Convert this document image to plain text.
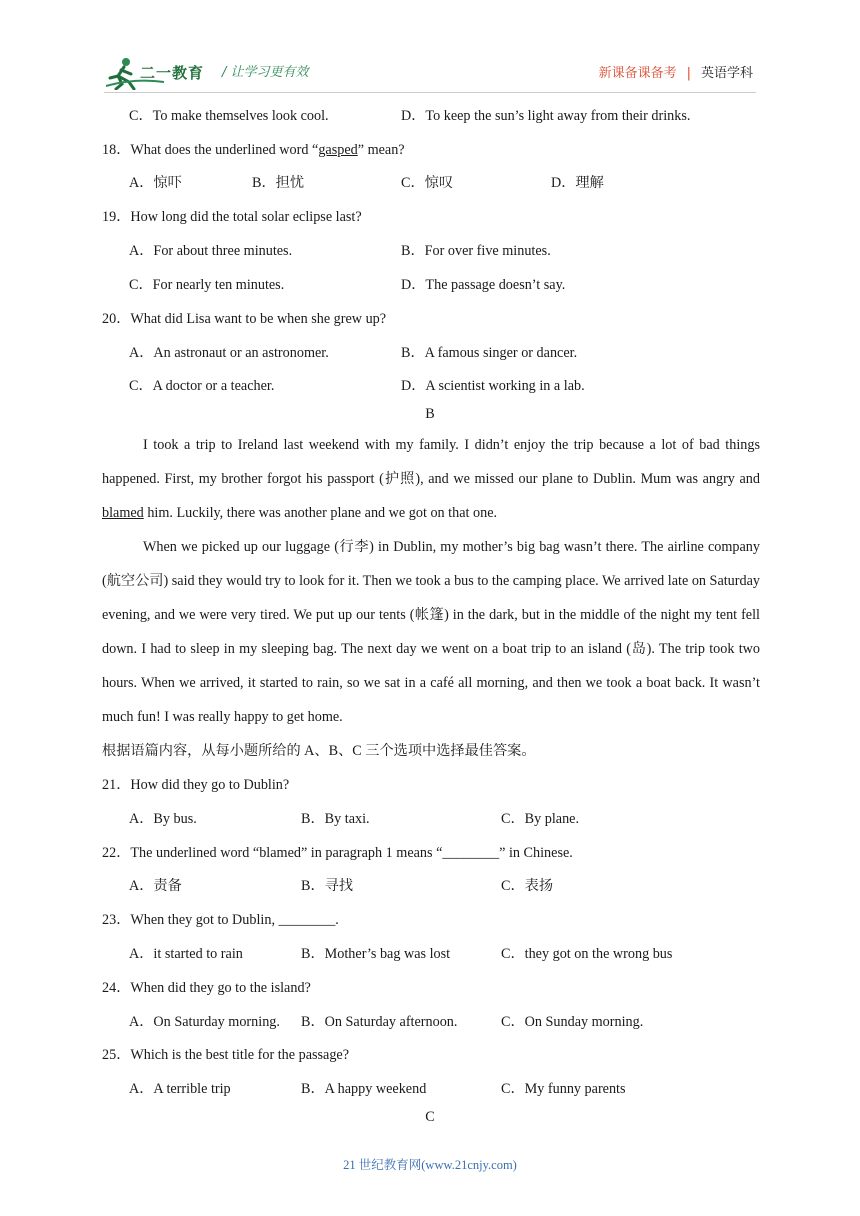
二一教育 / 让学习更有效	新课备课备考 | 英语学科
C．To make themselves look cool.	D．To keep the sun’s light away from their drinks.
18．What does the underlined word “gasped” mean?
A．惊吓	B．担忧	C．惊叹	D．理解
19．How long did the total solar eclipse last?
A．For about three minutes.	B．For over five minutes.
C．For nearly ten minutes.	D．The passage doesn’t say.
20．What did Lisa want to be when she grew up?
A．An astronaut or an astronomer.	B．A famous singer or dancer.
C．A doctor or a teacher.	D．A scientist working in a lab.
B
I took a trip to Ireland last weekend with my family. I didn’t enjoy the trip because a lot of bad things happened. First, my brother forgot his passport (护照), and we missed our plane to Dublin. Mum was angry and blamed him. Luckily, there was another plane and we got on that one.
When we picked up our luggage (行李) in Dublin, my mother’s big bag wasn’t there. The airline company (航空公司) said they would try to look for it. Then we took a bus to the camping place. We arrived late on Saturday evening, and we were very tired. We put up our tents (帐篷) in the dark, but in the middle of the night my tent fell down. I had to sleep in my sleeping bag. The next day we went on a boat trip to an island (岛). The trip took two hours. When we arrived, it started to rain, so we sat in a café all morning, and then we took a boat back. It wasn’t much fun! I was really happy to get home.
根据语篇内容，从每小题所给的 A、B、C 三个选项中选择最佳答案。
21．How did they go to Dublin?
A．By bus.	B．By taxi.	C．By plane.
22．The underlined word “blamed” in paragraph 1 means “________” in Chinese.
A．责备	B．寻找	C．表扬
23．When they got to Dublin, ________.
A．it started to rain	B．Mother’s bag was lost	C．they got on the wrong bus
24．When did they go to the island?
A．On Saturday morning. B．On Saturday afternoon.	C．On Sunday morning.
25．Which is the best title for the passage?
A．A terrible trip	B．A happy weekend	C．My funny parents
C
21 世纪教育网(www.21cnjy.com)
